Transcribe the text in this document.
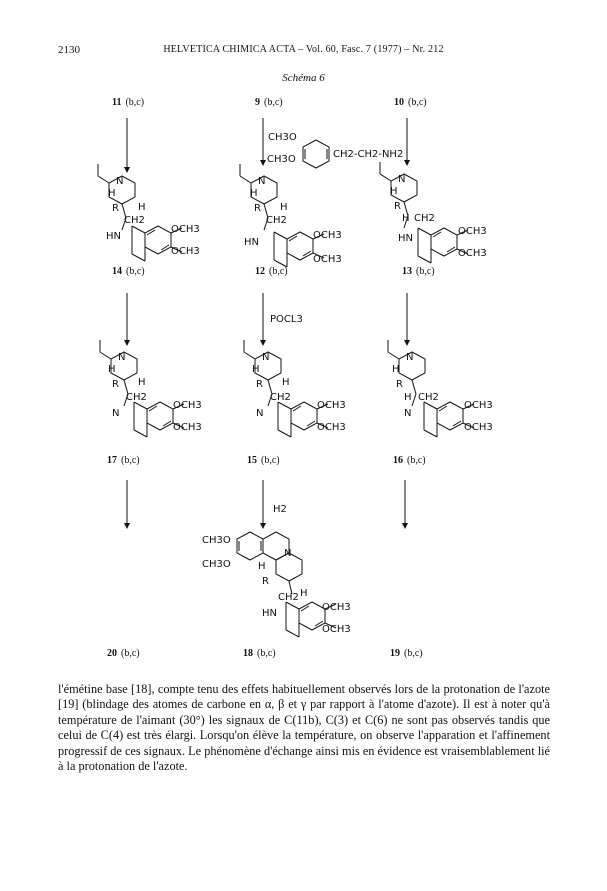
2130	HELVETICA CHIMICA ACTA – Vol. 60, Fasc. 7 (1977) – Nr. 212
Schéma 6
11 (b,c)	9 (b,c)	10 (b,c)
CH3O
CH3O	CH2-CH2-NH2
N
H
R H
CH2
HN
OCH3
OCH3
N
H
R H
CH2
HN
OCH3
OCH3
N
H
R
H CH2
HN
OCH3
OCH3
14 (b,c)	12 (b,c)	13 (b,c)
POCL3
N
H
R H
CH2
N
OCH3
OCH3
N
H
R H
CH2
N
OCH3
OCH3
N
H
R
H CH2
N
OCH3
OCH3
17 (b,c)	15 (b,c)	16 (b,c)
H2
CH3O
CH3O
N
H
R
H
CH2
HN
OCH3
OCH3
20 (b,c)	18 (b,c)	19 (b,c)

l'émétine base [18], compte tenu des effets habituellement observés lors de la protonation de l'azote [19] (blindage des atomes de carbone en α, β et γ par rapport à l'atome d'azote). Il est à noter qu'à température de l'aimant (30°) les signaux de C(11b), C(3) et C(6) ne sont pas observés tandis que celui de C(4) est très élargi. Lorsqu'on élève la température, on observe l'apparation et l'affinement progressif de ces signaux. Le phénomène d'échange ainsi mis en évidence est vraisemblablement lié à la protonation de l'azote.
